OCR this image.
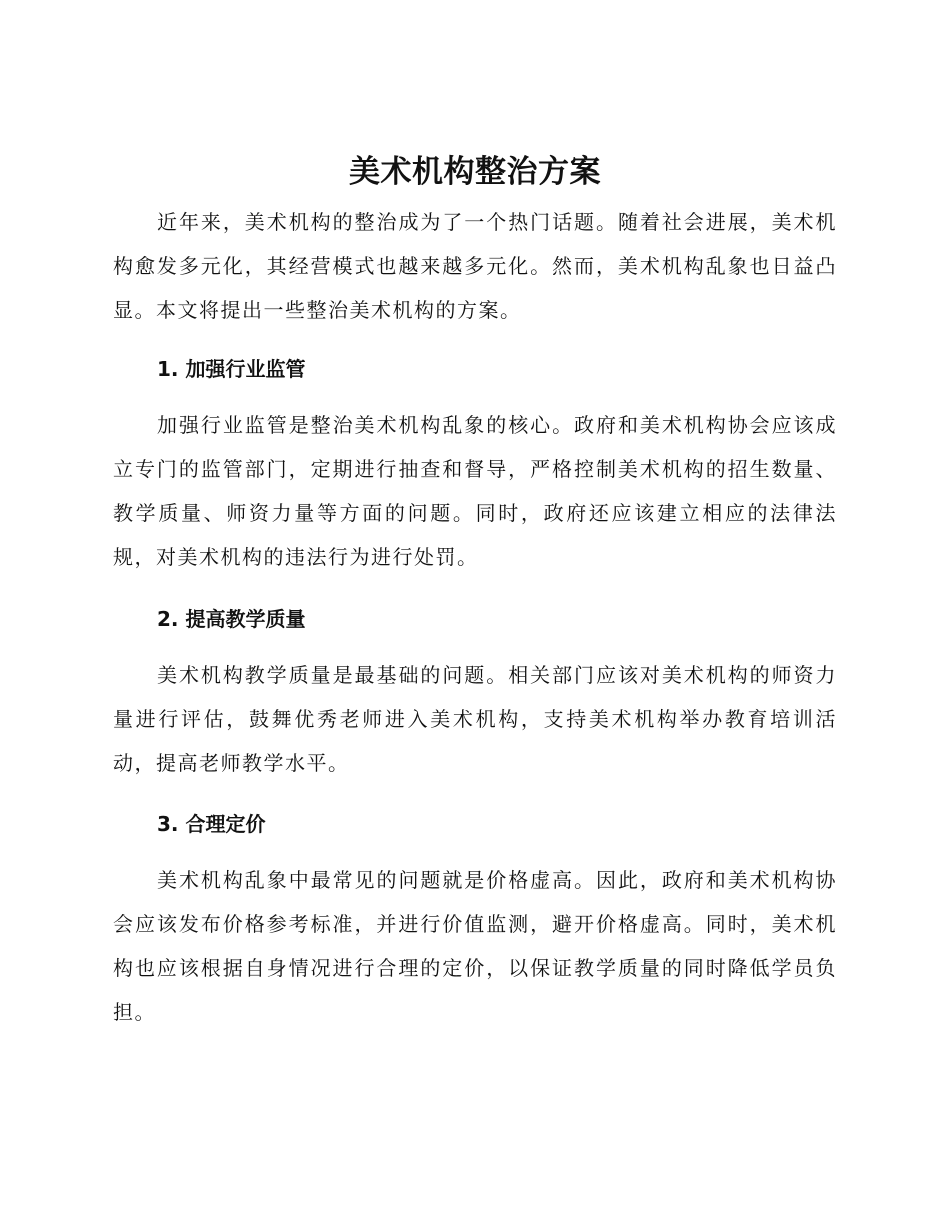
美术机构整治方案

近年来，美术机构的整治成为了一个热门话题。随着社会进展，美术机构愈发多元化，其经营模式也越来越多元化。然而，美术机构乱象也日益凸显。本文将提出一些整治美术机构的方案。

1. 加强行业监管

加强行业监管是整治美术机构乱象的核心。政府和美术机构协会应该成立专门的监管部门，定期进行抽查和督导，严格控制美术机构的招生数量、教学质量、师资力量等方面的问题。同时，政府还应该建立相应的法律法规，对美术机构的违法行为进行处罚。

2. 提高教学质量

美术机构教学质量是最基础的问题。相关部门应该对美术机构的师资力量进行评估，鼓舞优秀老师进入美术机构，支持美术机构举办教育培训活动，提高老师教学水平。

3. 合理定价

美术机构乱象中最常见的问题就是价格虚高。因此，政府和美术机构协会应该发布价格参考标准，并进行价值监测，避开价格虚高。同时，美术机构也应该根据自身情况进行合理的定价，以保证教学质量的同时降低学员负担。
